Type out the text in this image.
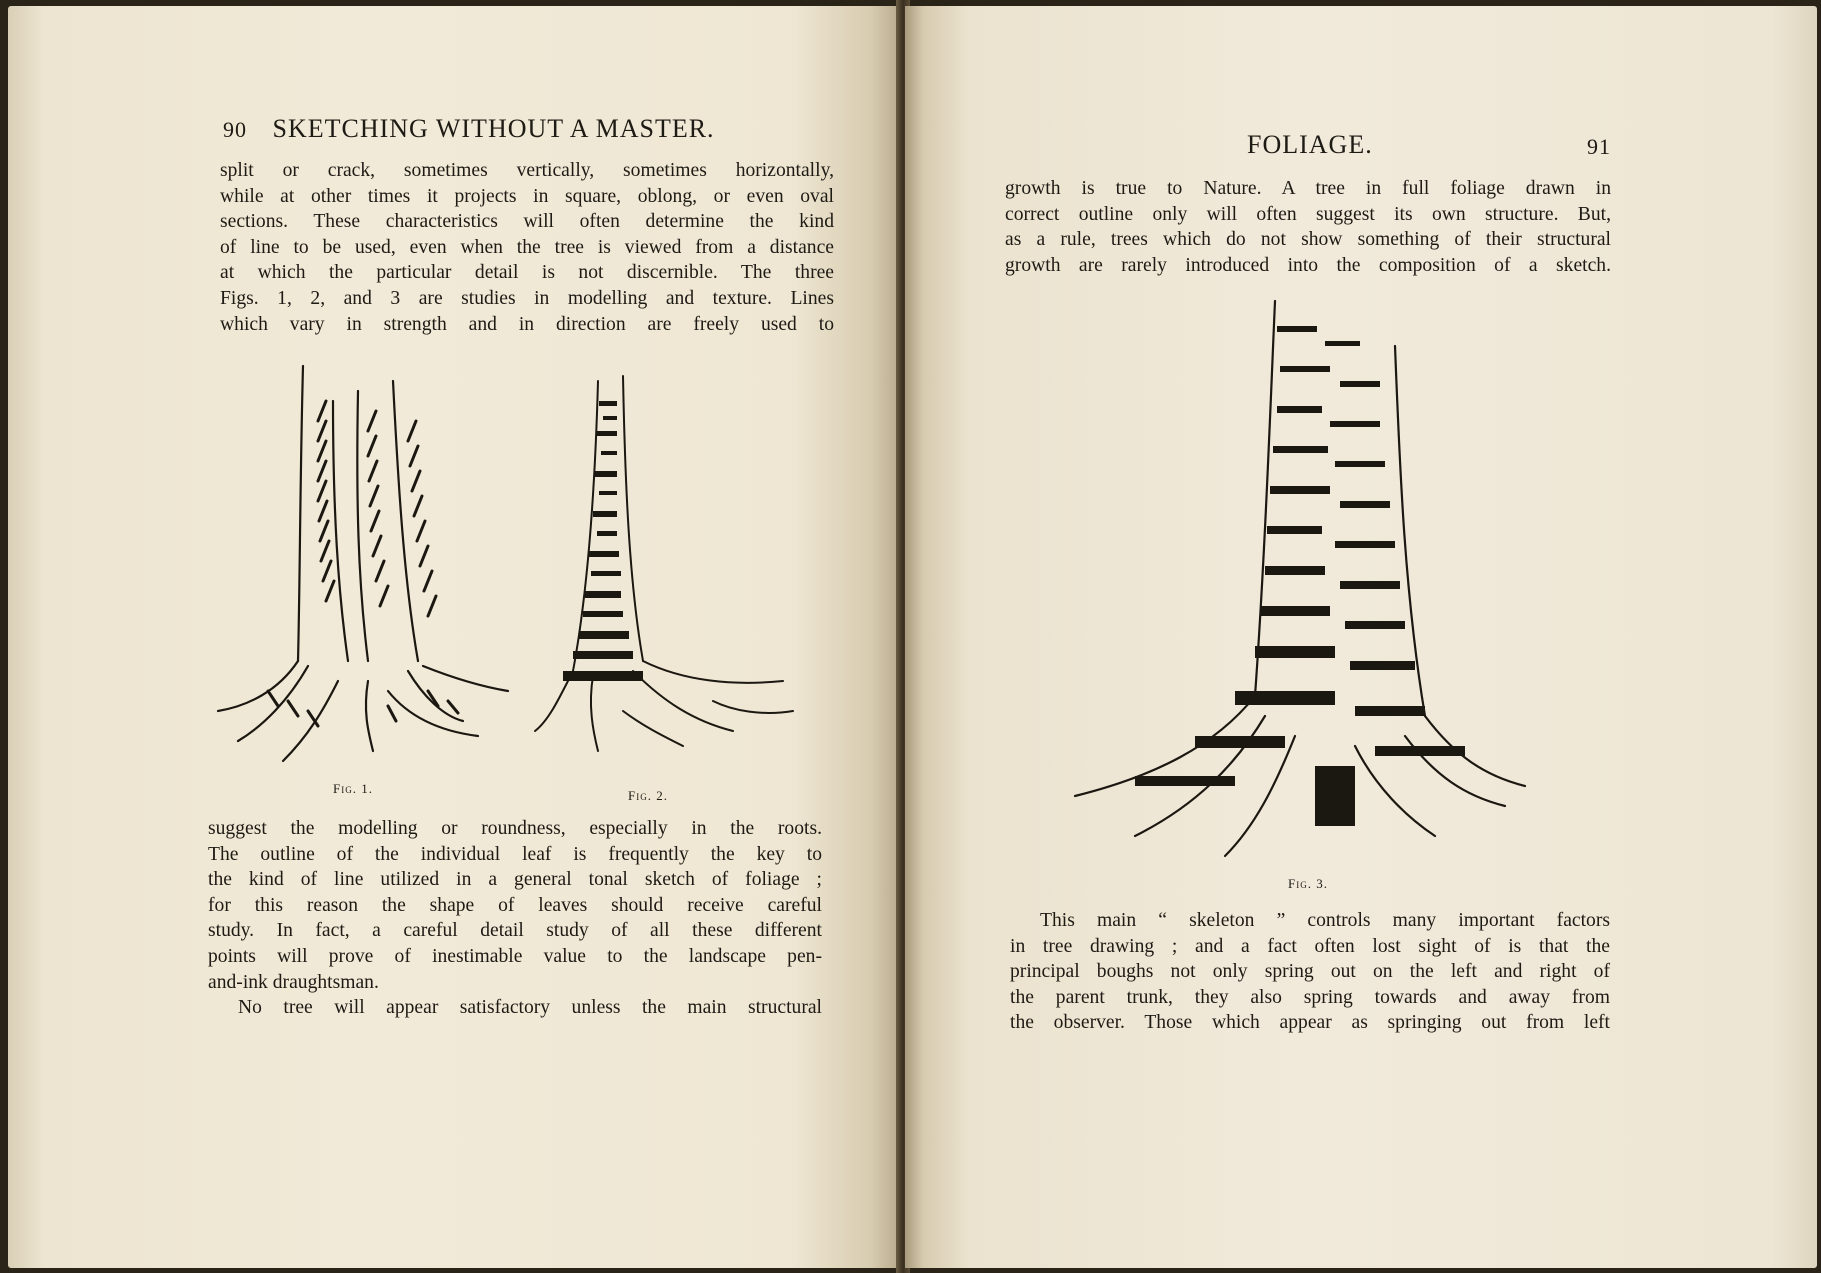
90 SKETCHING WITHOUT A MASTER.
split or crack, sometimes vertically, sometimes horizontally,
while at other times it projects in square, oblong, or even oval
sections. These characteristics will often determine the kind
of line to be used, even when the tree is viewed from a distance
at which the particular detail is not discernible. The three
Figs. 1, 2, and 3 are studies in modelling and texture. Lines
which vary in strength and in direction are freely used to
Fig. 1.	Fig. 2.
suggest the modelling or roundness, especially in the roots.
The outline of the individual leaf is frequently the key to
the kind of line utilized in a general tonal sketch of foliage ;
for this reason the shape of leaves should receive careful
study. In fact, a careful detail study of all these different
points will prove of inestimable value to the landscape pen-
and-ink draughtsman.
No tree will appear satisfactory unless the main structural
FOLIAGE.	91
growth is true to Nature. A tree in full foliage drawn in
correct outline only will often suggest its own structure. But,
as a rule, trees which do not show something of their structural
growth are rarely introduced into the composition of a sketch.
Fig. 3.
This main “ skeleton ” controls many important factors
in tree drawing ; and a fact often lost sight of is that the
principal boughs not only spring out on the left and right of
the parent trunk, they also spring towards and away from
the observer. Those which appear as springing out from left
